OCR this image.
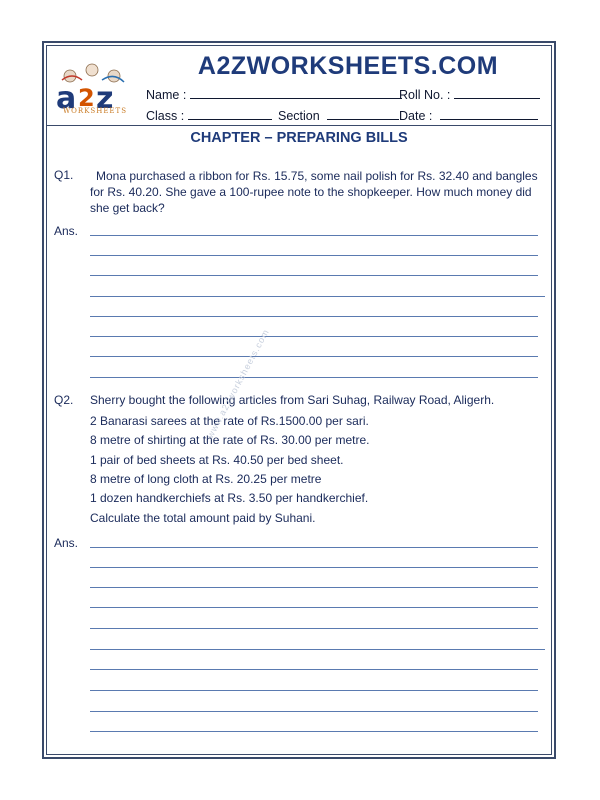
a 2 z
WORKSHEETS
A2ZWORKSHEETS.COM
Name :	Roll No. :
Class :	Section	Date :
CHAPTER – PREPARING BILLS
Q1. Mona purchased a ribbon for Rs. 15.75, some nail polish for Rs. 32.40 and bangles
for Rs. 40.20. She gave a 100-rupee note to the shopkeeper. How much money did
she get back?
Ans.
Q2. Sherry bought the following articles from Sari Suhag, Railway Road, Aligerh.
2 Banarasi sarees at the rate of Rs.1500.00 per sari.
8 metre of shirting at the rate of Rs. 30.00 per metre.
1 pair of bed sheets at Rs. 40.50 per bed sheet.
8 metre of long cloth at Rs. 20.25 per metre
1 dozen handkerchiefs at Rs. 3.50 per handkerchief.
Calculate the total amount paid by Suhani.
www.a2zworksheets.com
Ans.
